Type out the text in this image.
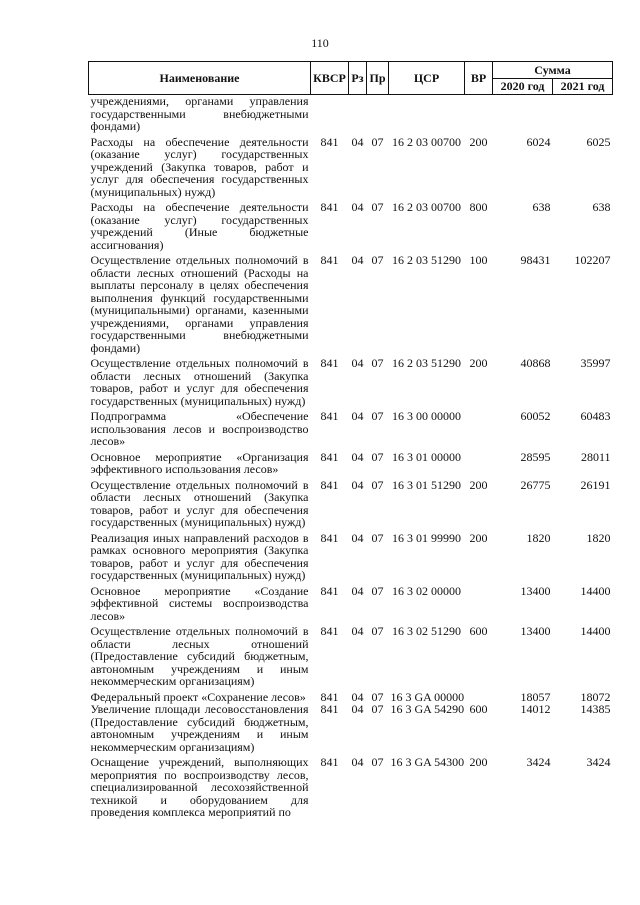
110
Наименование	КВСР	Рз	Пр	ЦСР	ВР	Сумма	
						2020 год	2021 год
учреждениями, органами управления государственными внебюджетными фондами)							
Расходы на обеспечение деятельности (оказание услуг) государственных учреждений (Закупка товаров, работ и услуг для обеспечения государственных (муниципальных) нужд)	841	04	07	16 2 03 00700	200	6024	6025
Расходы на обеспечение деятельности (оказание услуг) государственных учреждений (Иные бюджетные ассигнования)	841	04	07	16 2 03 00700	800	638	638
Осуществление отдельных полномочий в области лесных отношений (Расходы на выплаты персоналу в целях обеспечения выполнения функций государственными (муниципальными) органами, казенными учреждениями, органами управления государственными внебюджетными фондами)	841	04	07	16 2 03 51290	100	98431	102207
Осуществление отдельных полномочий в области лесных отношений (Закупка товаров, работ и услуг для обеспечения государственных (муниципальных) нужд)	841	04	07	16 2 03 51290	200	40868	35997
Подпрограмма «Обеспечение использования лесов и воспроизводство лесов»	841	04	07	16 3 00 00000		60052	60483
Основное мероприятие «Организация эффективного использования лесов»	841	04	07	16 3 01 00000		28595	28011
Осуществление отдельных полномочий в области лесных отношений (Закупка товаров, работ и услуг для обеспечения государственных (муниципальных) нужд)	841	04	07	16 3 01 51290	200	26775	26191
Реализация иных направлений расходов в рамках основного мероприятия (Закупка товаров, работ и услуг для обеспечения государственных (муниципальных) нужд)	841	04	07	16 3 01 99990	200	1820	1820
Основное мероприятие «Создание эффективной системы воспроизводства лесов»	841	04	07	16 3 02 00000		13400	14400
Осуществление отдельных полномочий в области лесных отношений (Предоставление субсидий бюджетным, автономным учреждениям и иным некоммерческим организациям)	841	04	07	16 3 02 51290	600	13400	14400
Федеральный проект «Сохранение лесов»	841	04	07	16 3 GA 00000		18057	18072
Увеличение площади лесовосстановления (Предоставление субсидий бюджетным, автономным учреждениям и иным некоммерческим организациям)	841	04	07	16 3 GA 54290	600	14012	14385
Оснащение учреждений, выполняющих мероприятия по воспроизводству лесов, специализированной лесохозяйственной техникой и оборудованием для проведения комплекса мероприятий по	841	04	07	16 3 GA 54300	200	3424	3424
